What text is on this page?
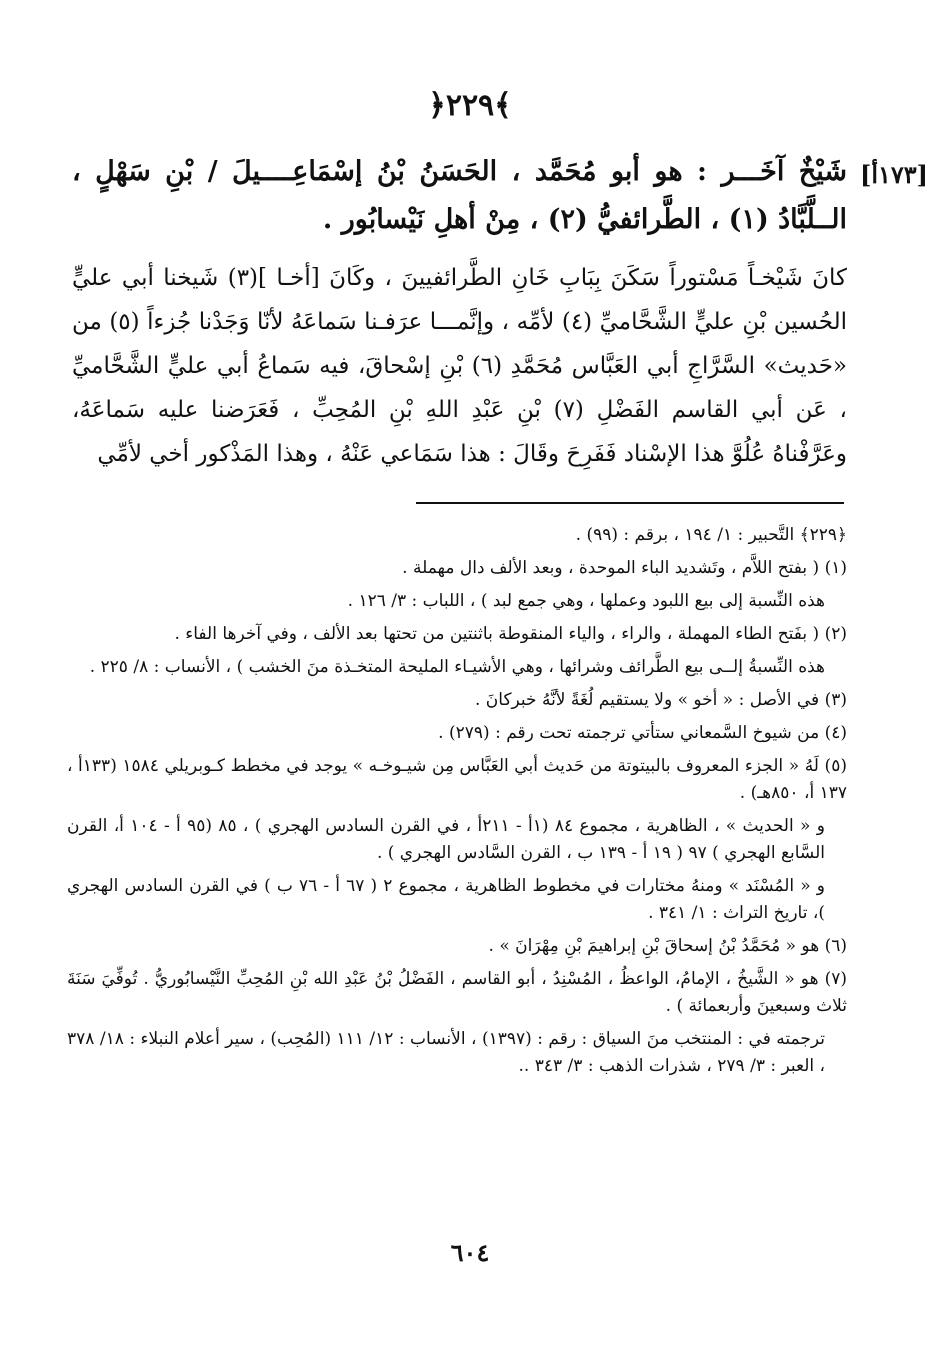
﴿٢٢٩﴾
[١٧٣أ]
شَيْخٌ آخَـــر : هو أبو مُحَمَّد ، الحَسَنُ بْنُ إسْمَاعِــــيلَ / بْنِ سَهْلٍ ، الــلَّبَّادُ (١) ، الطَّرائفيُّ (٢) ، مِنْ أهلِ نَيْسابُور .
كانَ شَيْخـاً مَسْتوراً سَكَنَ بِبَابِ خَانِ الطَّرائفيينَ ، وكَانَ [أخـا ](٣) شَيخنا أبي عليٍّ الحُسين بْنِ عليٍّ الشَّحَّاميِّ (٤) لأمِّه ، وإنَّمـــا عرَفـنا سَماعَهُ لأنّا وَجَدْنا جُزءاً (٥) من «حَديث» السَّرَّاجِ أبي العَبَّاس مُحَمَّدِ (٦) بْنِ إسْحاقَ، فيه سَماعُ أبي عليٍّ الشَّحَّاميِّ ، عَن أبي القاسم الفَضْلِ (٧) بْنِ عَبْدِ اللهِ بْنِ المُحِبِّ ، فَعَرَضنا عليه سَماعَهُ، وعَرَّفْناهُ عُلُوَّ هذا الإسْناد فَفَرِحَ وقَالَ : هذا سَمَاعي عَنْهُ ، وهذا المَذْكور أخي لأمِّي

﴿٢٢٩﴾ التَّحبير : ١/ ١٩٤ ، برقم : (٩٩) .

(١) ( بفتح اللاَّم ، وتَشديد الباء الموحدة ، وبعد الألف دال مهملة .

هذه النِّسبة إلى بيع اللبود وعملها ، وهي جمع لبد ) ، اللباب : ٣/ ١٢٦ .

(٢) ( بفَتح الطاء المهملة ، والراء ، والياء المنقوطة باثنتين من تحتها بعد الألف ، وفي آخرها الفاء .

هذه النِّسبةُ إلــى بيع الطَّرائف وشرائها ، وهي الأشيـاء المليحة المتخـذة منَ الخشب ) ، الأنساب : ٨/ ٢٢٥ .

(٣) في الأصل : « أخو » ولا يستقيم لُغَةً لأنَّهُ خبركانَ .

(٤) من شيوخ السَّمعاني ستأتي ترجمته تحت رقم : (٢٧٩) .

(٥) لَهُ « الجزء المعروف بالبيتوتة من حَديث أبي العَبَّاس مِن شيـوخـه » يوجد في مخطط كـوبريلي ١٥٨٤ (١٣٣أ ، ١٣٧ أ، ٨٥٠هـ) .

و « الحديث » ، الظاهرية ، مجموع ٨٤ (١أ - ٢١١أ ، في القرن السادس الهجري ) ، ٨٥ (٩٥ أ - ١٠٤ أ، القرن السَّابع الهجري ) ٩٧ ( ١٩ أ - ١٣٩ ب ، القرن السَّادس الهجري ) .

و « المُسْنَد » ومنهُ مختارات في مخطوط الظاهرية ، مجموع ٢ ( ٦٧ أ - ٧٦ ب ) في القرن السادس الهجري )، تاريخ التراث : ١/ ٣٤١ .

(٦) هو « مُحَمَّدُ بْنُ إسحاقَ بْنِ إبراهيمَ بْنِ مِهْرَانَ » .

(٧) هو « الشَّيخُ ، الإمامُ، الواعظُ ، المُسْنِدُ ، أبو القاسم ، الفَضْلُ بْنُ عَبْدِ الله بْنِ المُحِبِّ النَّيْسابُوريُّ . تُوفِّيَ سَنَةَ ثلاث وسبعينَ وأربعمائة ) .

ترجمته في : المنتخب منَ السياق : رقم : (١٣٩٧) ، الأنساب : ١٢/ ١١١ (المُحِب) ، سير أعلام النبلاء : ١٨/ ٣٧٨ ، العبر : ٣/ ٢٧٩ ، شذرات الذهب : ٣/ ٣٤٣ ..

٦٠٤
